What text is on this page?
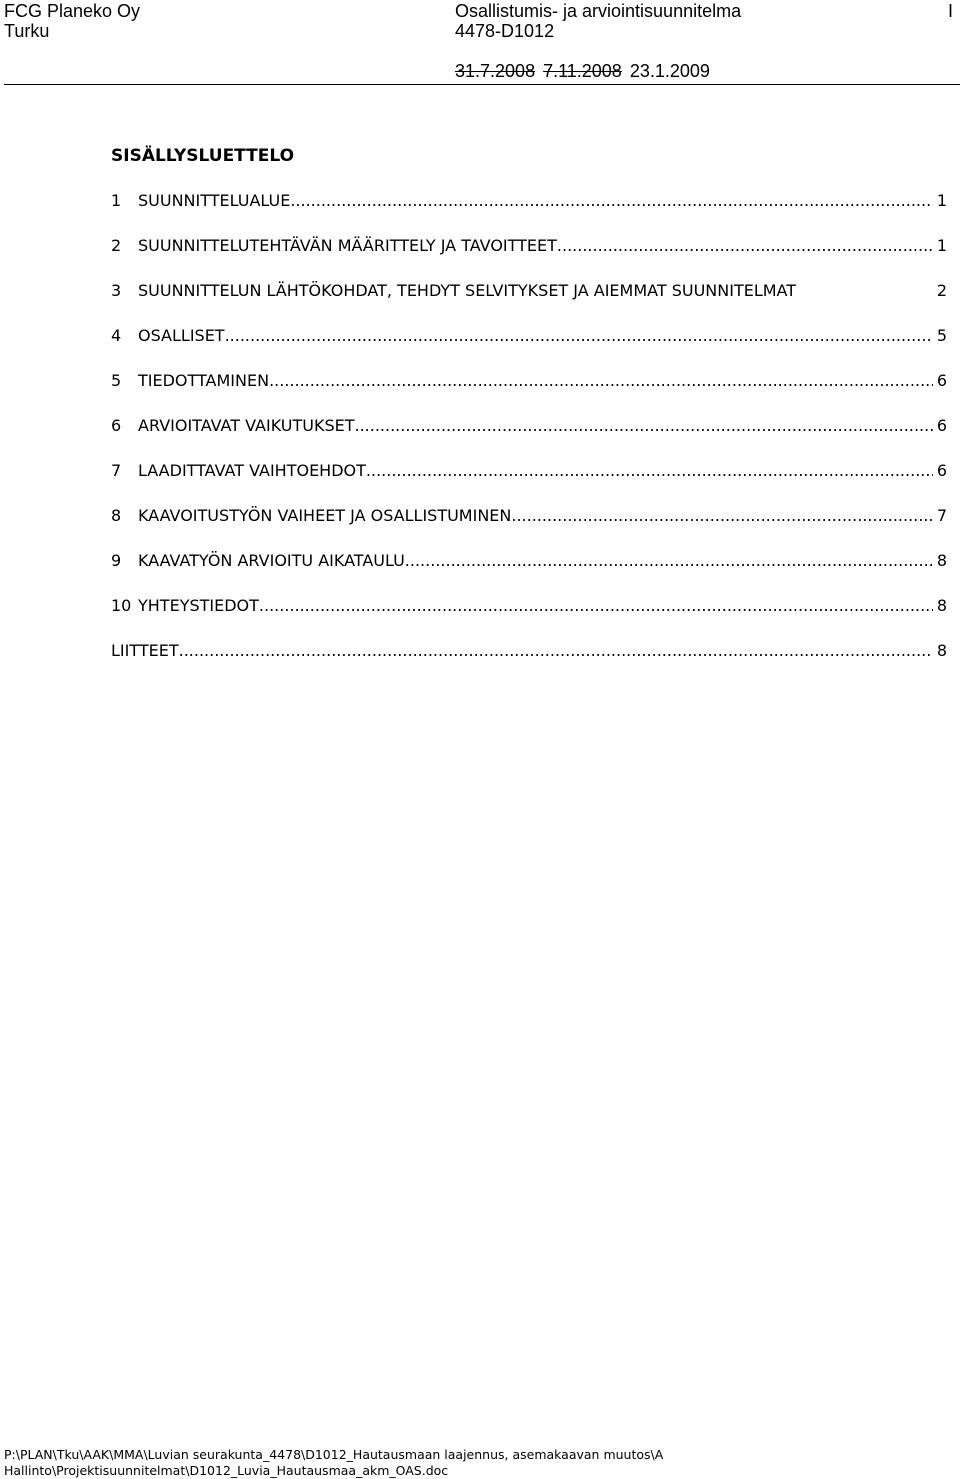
FCG Planeko Oy
Turku
Osallistumis- ja arviointisuunnitelma
4478-D1012
I
31.7.2008 7.11.2008 23.1.2009
SISÄLLYSLUETTELO
1	SUUNNITTELUALUE .....	1
2	SUUNNITTELUTEHTÄVÄN MÄÄRITTELY JA TAVOITTEET .....	1
3	SUUNNITTELUN LÄHTÖKOHDAT, TEHDYT SELVITYKSET JA AIEMMAT SUUNNITELMAT	2
4	OSALLISET .....	5
5	TIEDOTTAMINEN .....	6
6	ARVIOITAVAT VAIKUTUKSET .....	6
7	LAADITTAVAT VAIHTOEHDOT .....	6
8	KAAVOITUSTYÖN VAIHEET JA OSALLISTUMINEN .....	7
9	KAAVATYÖN ARVIOITU AIKATAULU .....	8
10 YHTEYSTIEDOT .....	8
LIITTEET .....	8
P:\PLAN\Tku\AAK\MMA\Luvian seurakunta_4478\D1012_Hautausmaan laajennus, asemakaavan muutos\A
Hallinto\Projektisuunnitelmat\D1012_Luvia_Hautausmaa_akm_OAS.doc
